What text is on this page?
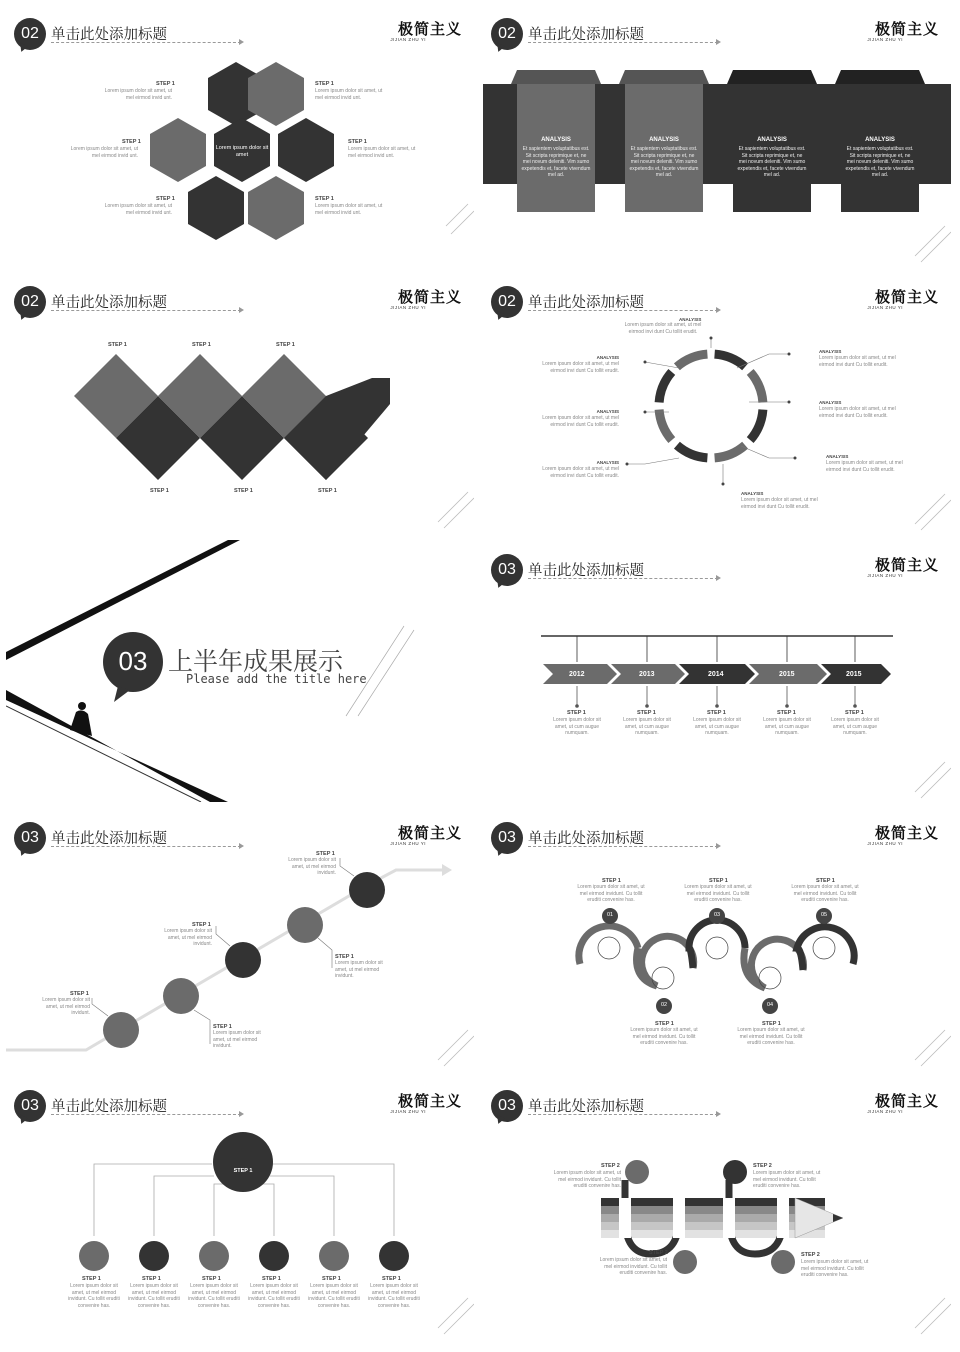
02 单击此处添加标题	极简主义
JIJIAN ZHU YI
Lorem ipsum dolor sit amet
STEP 1
Lorem ipsum dolor sit amet, ut mel eirmod invid unt.
STEP 1
Lorem ipsum dolor sit amet, ut mel eirmod invid unt.
STEP 1
Lorem ipsum dolor sit amet, ut mel eirmod invid unt.
STEP 1
Lorem ipsum dolor sit amet, ut mel eirmod invid unt.
STEP 1
Lorem ipsum dolor sit amet, ut mel eirmod invid unt.
STEP 1
Lorem ipsum dolor sit amet, ut mel eirmod invid unt.
02 单击此处添加标题	极简主义
JIJIAN ZHU YI
ANALYSIS
Et sapientem voluptatibus est. Sit scripta reprimique et, ne mei novum deleniti. Vim sumo expetendis et, facete vivendum mel ad.
ANALYSIS
Et sapientem voluptatibus est. Sit scripta reprimique et, ne mei novum deleniti. Vim sumo expetendis et, facete vivendum mel ad.
ANALYSIS
Et sapientem voluptatibus est. Sit scripta reprimique et, ne mei novum deleniti. Vim sumo expetendis et, facete vivendum mel ad.
ANALYSIS
Et sapientem voluptatibus est. Sit scripta reprimique et, ne mei novum deleniti. Vim sumo expetendis et, facete vivendum mel ad.
02 单击此处添加标题	极简主义
JIJIAN ZHU YI
STEP 1	STEP 1	STEP 1
STEP 1	STEP 1	STEP 1
02 单击此处添加标题	极简主义
JIJIAN ZHU YI
ANALYSIS
Lorem ipsum dolor sit amet, ut mel eirmod invi dunt Cu tollit erudit.
ANALYSIS
Lorem ipsum dolor sit amet, ut mel eirmod invi dunt Cu tollit erudit.
ANALYSIS
Lorem ipsum dolor sit amet, ut mel eirmod invi dunt Cu tollit erudit.
ANALYSIS
Lorem ipsum dolor sit amet, ut mel eirmod invi dunt Cu tollit erudit.
ANALYSIS
Lorem ipsum dolor sit amet, ut mel eirmod invi dunt Cu tollit erudit.
ANALYSIS
Lorem ipsum dolor sit amet, ut mel eirmod invi dunt Cu tollit erudit.
ANALYSIS
Lorem ipsum dolor sit amet, ut mel eirmod invi dunt Cu tollit erudit.
ANALYSIS
Lorem ipsum dolor sit amet, ut mel eirmod invi dunt Cu tollit erudit.
03 上半年成果展示
Please add the title here
03 单击此处添加标题	极简主义
JIJIAN ZHU YI
2012	2013	2014	2015	2015
STEP 1
Lorem ipsum dolor sit amet, ut cum augue numquam.
STEP 1
Lorem ipsum dolor sit amet, ut cum augue numquam.
STEP 1
Lorem ipsum dolor sit amet, ut cum augue numquam.
STEP 1
Lorem ipsum dolor sit amet, ut cum augue numquam.
STEP 1
Lorem ipsum dolor sit amet, ut cum augue numquam.
03 单击此处添加标题	极简主义
JIJIAN ZHU YI
STEP 1
Lorem ipsum dolor sit amet, ut mel eirmod invidunt.
STEP 1
Lorem ipsum dolor sit amet, ut mel eirmod invidunt.
STEP 1
Lorem ipsum dolor sit amet, ut mel eirmod invidunt.
STEP 1
Lorem ipsum dolor sit amet, ut mel eirmod invidunt.
STEP 1
Lorem ipsum dolor sit amet, ut mel eirmod invidunt.
03 单击此处添加标题	极简主义
JIJIAN ZHU YI
01
02
03
04
05
STEP 1
Lorem ipsum dolor sit amet, ut mel eirmod invidunt. Cu tollit eruditi convenire has.
STEP 1
Lorem ipsum dolor sit amet, ut mel eirmod invidunt. Cu tollit eruditi convenire has.
STEP 1
Lorem ipsum dolor sit amet, ut mel eirmod invidunt. Cu tollit eruditi convenire has.
STEP 1
Lorem ipsum dolor sit amet, ut mel eirmod invidunt. Cu tollit eruditi convenire has.
STEP 1
Lorem ipsum dolor sit amet, ut mel eirmod invidunt. Cu tollit eruditi convenire has.
03 单击此处添加标题	极简主义
JIJIAN ZHU YI
STEP 1
STEP 1
Lorem ipsum dolor sit amet, ut mel eirmod invidunt. Cu tollit eruditi convenire has.
STEP 1
Lorem ipsum dolor sit amet, ut mel eirmod invidunt. Cu tollit eruditi convenire has.
STEP 1
Lorem ipsum dolor sit amet, ut mel eirmod invidunt. Cu tollit eruditi convenire has.
STEP 1
Lorem ipsum dolor sit amet, ut mel eirmod invidunt. Cu tollit eruditi convenire has.
STEP 1
Lorem ipsum dolor sit amet, ut mel eirmod invidunt. Cu tollit eruditi convenire has.
STEP 1
Lorem ipsum dolor sit amet, ut mel eirmod invidunt. Cu tollit eruditi convenire has.
03 单击此处添加标题	极简主义
JIJIAN ZHU YI
STEP 2
Lorem ipsum dolor sit amet, ut mel eirmod invidunt. Cu tollit eruditi convenire has.
STEP 2
Lorem ipsum dolor sit amet, ut mel eirmod invidunt. Cu tollit eruditi convenire has.
STEP 2
Lorem ipsum dolor sit amet, ut mel eirmod invidunt. Cu tollit eruditi convenire has.
STEP 2
Lorem ipsum dolor sit amet, ut mel eirmod invidunt. Cu tollit eruditi convenire has.
